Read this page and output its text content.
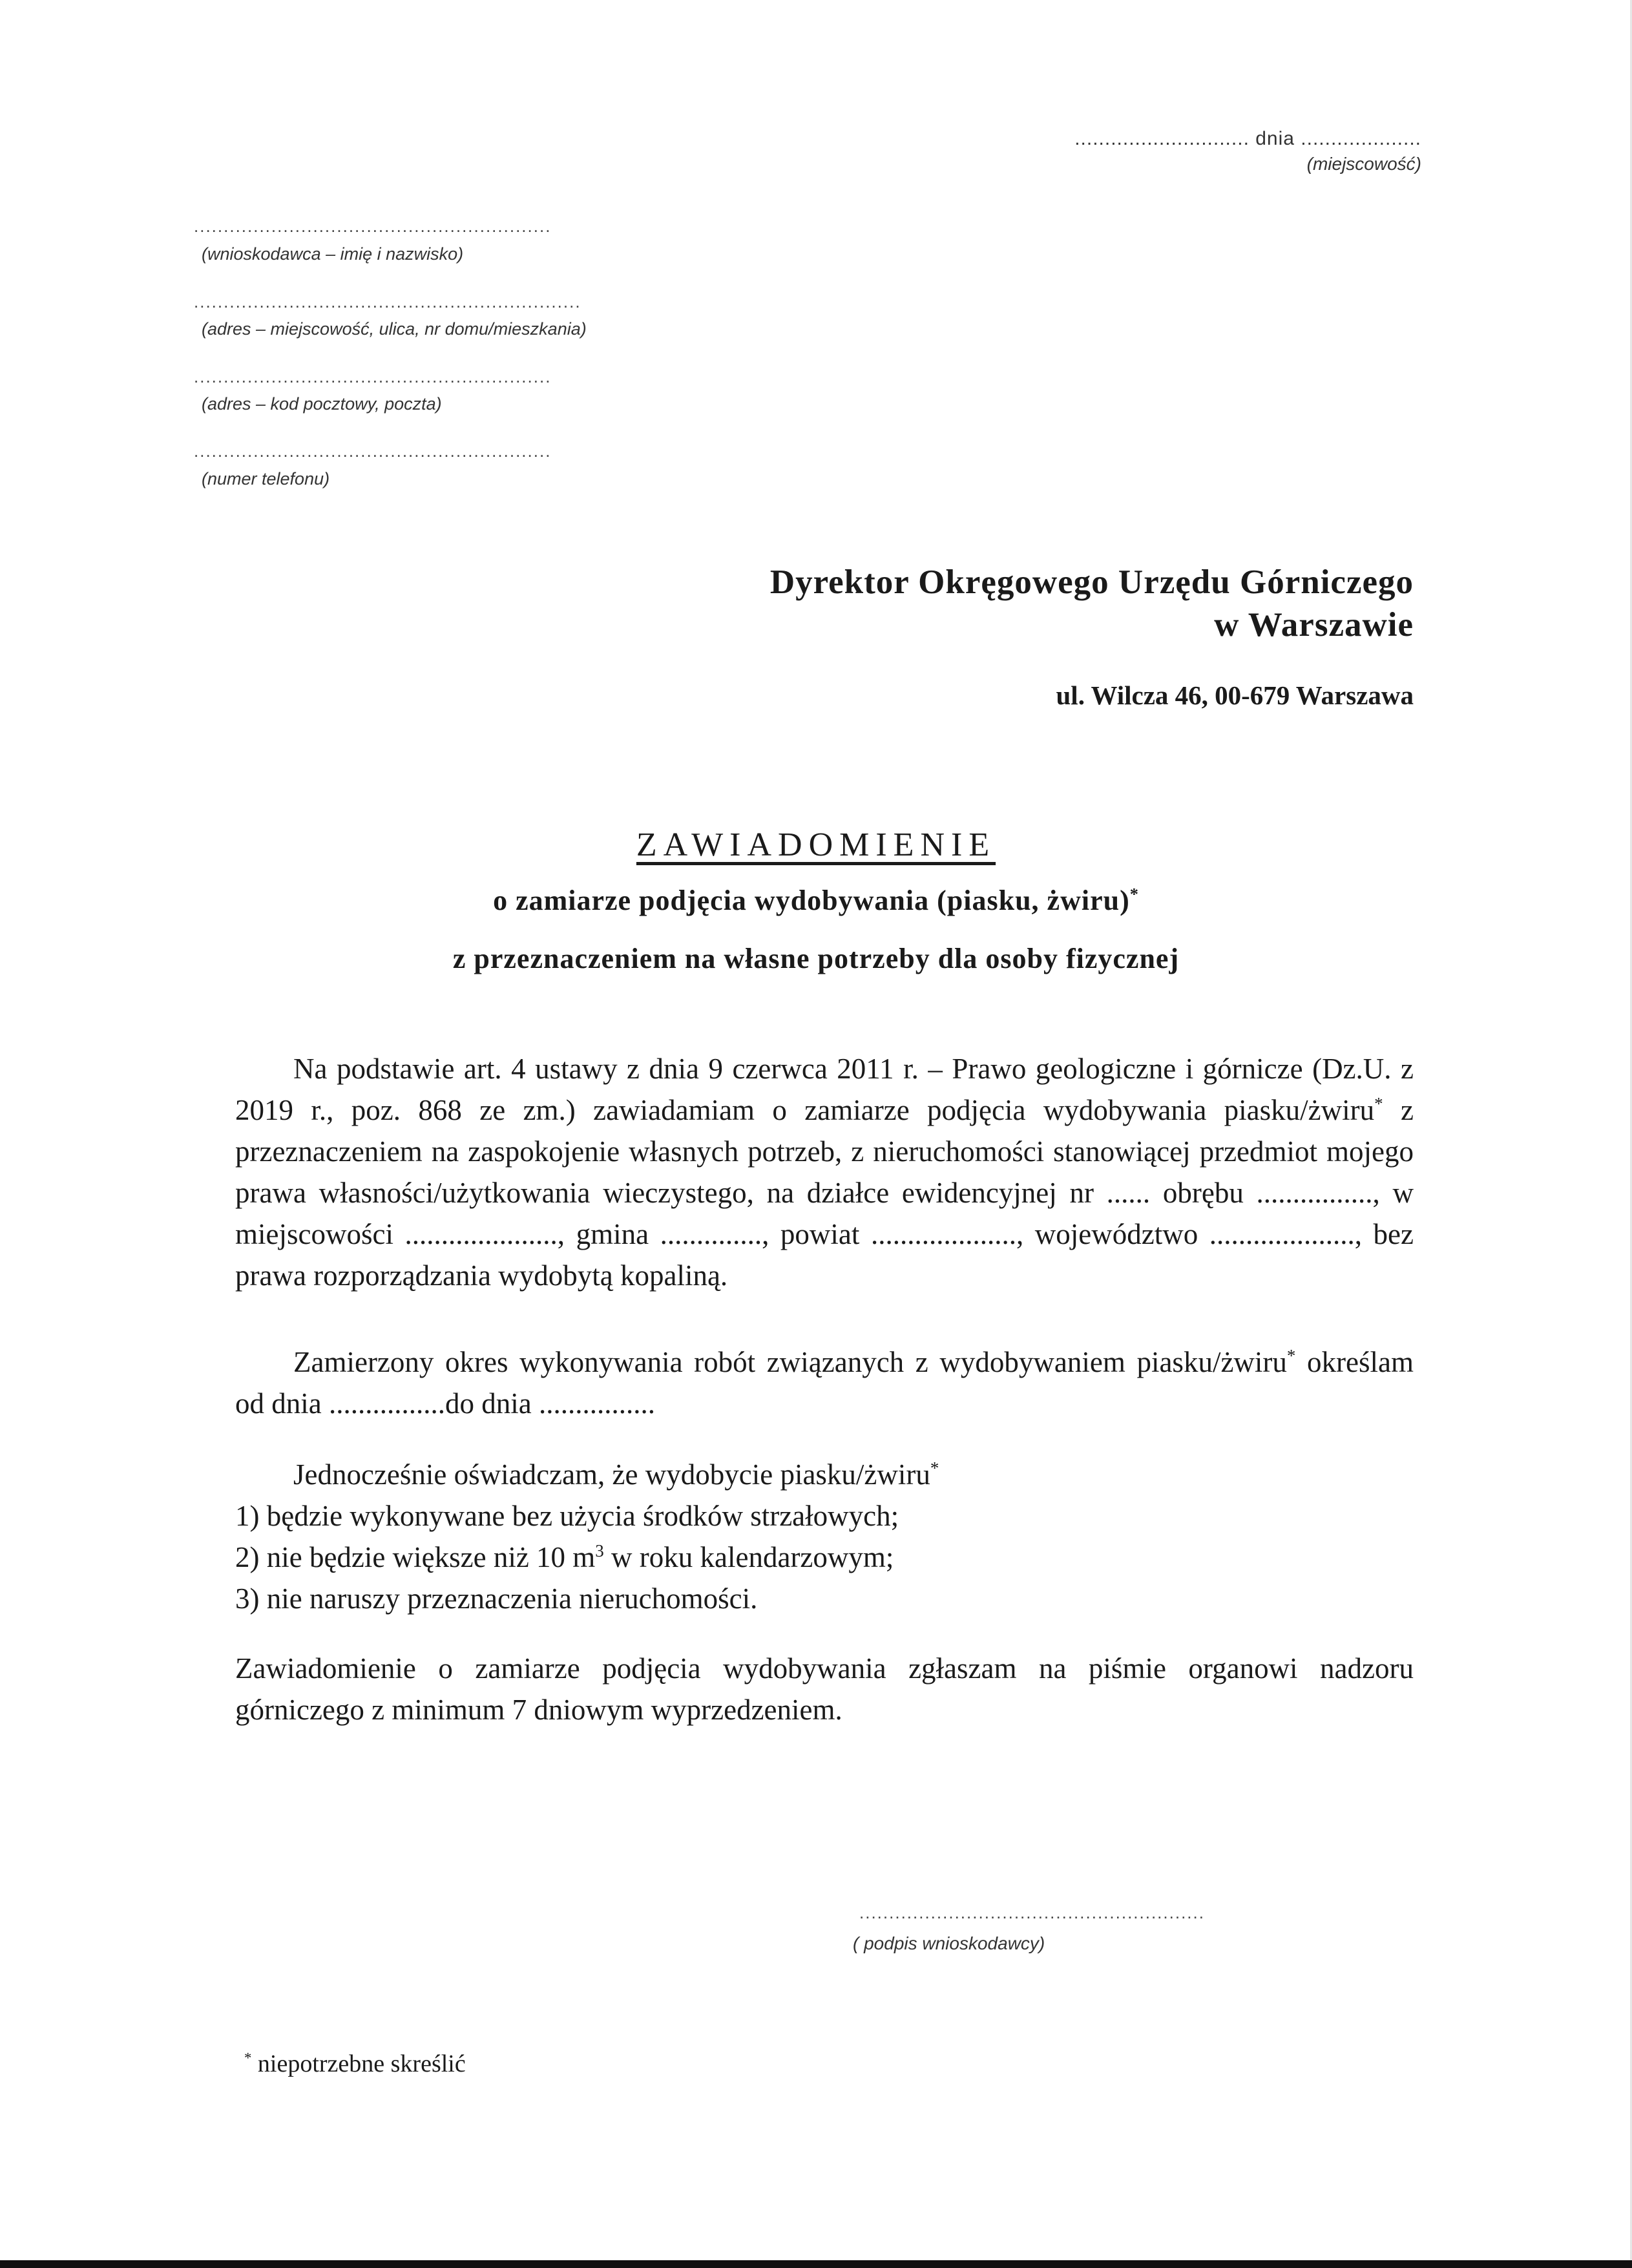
............................. dnia ....................
(miejscowość)
............................................................
(wnioskodawca – imię i nazwisko)
.................................................................
(adres – miejscowość, ulica, nr domu/mieszkania)
............................................................
(adres – kod pocztowy, poczta)
............................................................
(numer telefonu)
Dyrektor Okręgowego Urzędu Górniczego
w Warszawie
ul. Wilcza 46, 00-679 Warszawa
ZAWIADOMIENIE
o zamiarze podjęcia wydobywania (piasku, żwiru)*
z przeznaczeniem na własne potrzeby dla osoby fizycznej
Na podstawie art. 4 ustawy z dnia 9 czerwca 2011 r. – Prawo geologiczne i górnicze (Dz.U. z 2019 r., poz. 868 ze zm.) zawiadamiam o zamiarze podjęcia wydobywania piasku/żwiru* z przeznaczeniem na zaspokojenie własnych potrzeb, z nieruchomości stanowiącej przedmiot mojego prawa własności/użytkowania wieczystego, na działce ewidencyjnej nr ...... obrębu ................, w miejscowości ....................., gmina .............., powiat ...................., województwo ...................., bez prawa rozporządzania wydobytą kopaliną.
Zamierzony okres wykonywania robót związanych z wydobywaniem piasku/żwiru* określam od dnia ................do dnia ................
Jednocześnie oświadczam, że wydobycie piasku/żwiru*
1) będzie wykonywane bez użycia środków strzałowych;
2) nie będzie większe niż 10 $m^3$ w roku kalendarzowym;
3) nie naruszy przeznaczenia nieruchomości.
Zawiadomienie o zamiarze podjęcia wydobywania zgłaszam na piśmie organowi nadzoru górniczego z minimum 7 dniowym wyprzedzeniem.
..........................................................
( podpis wnioskodawcy)
* niepotrzebne skreślić
